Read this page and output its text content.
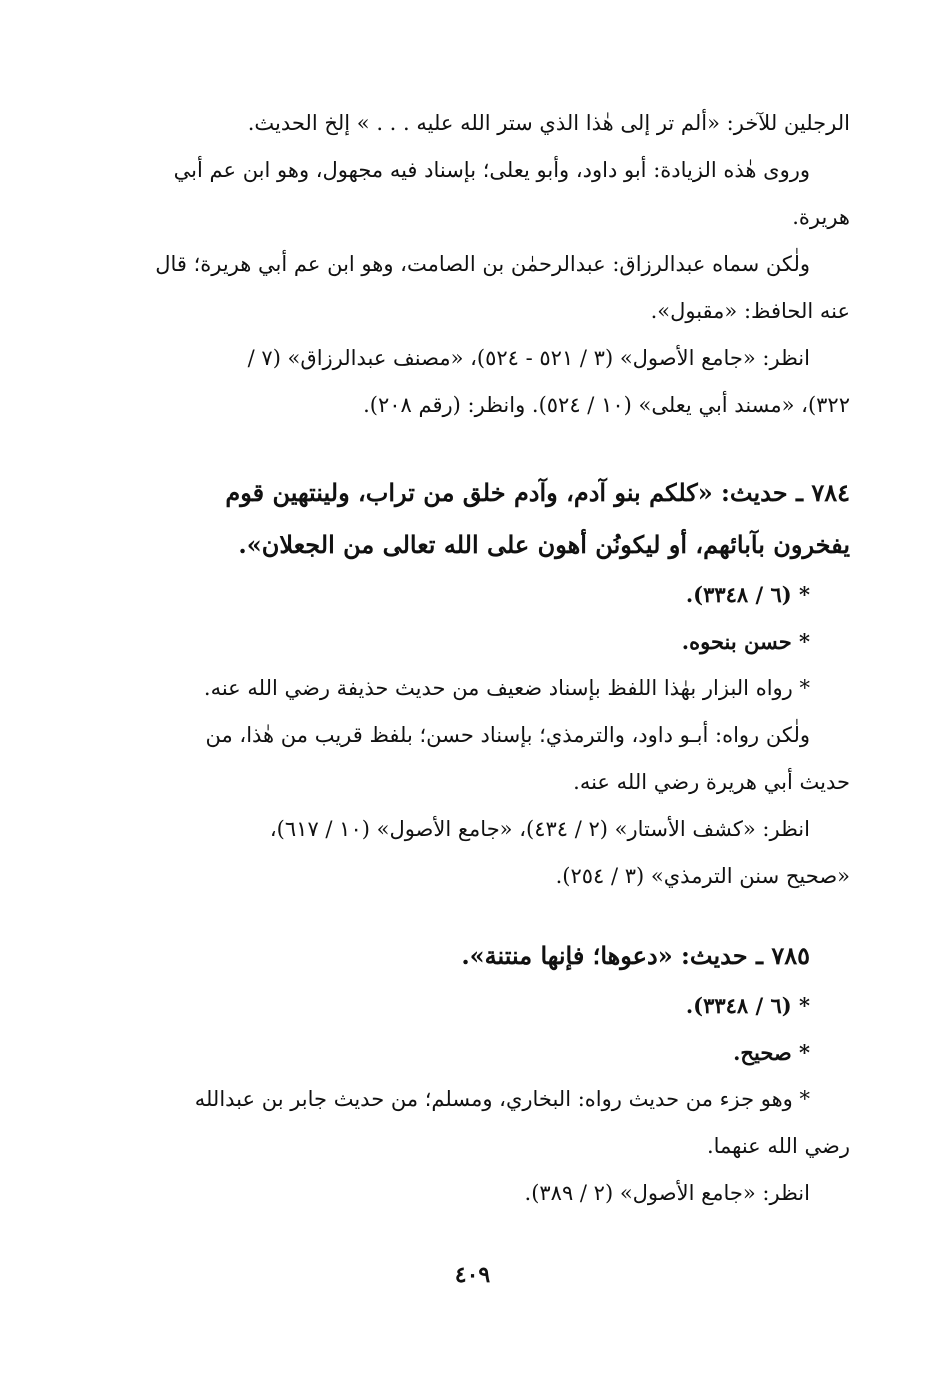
الرجلين للآخر: «ألم تر إلى هٰذا الذي ستر الله عليه . . . » إلخ الحديث.
وروى هٰذه الزيادة: أبو داود، وأبو يعلى؛ بإسناد فيه مجهول، وهو ابن عم أبي
هريرة.
ولٰكن سماه عبدالرزاق: عبدالرحمٰن بن الصامت، وهو ابن عم أبي هريرة؛ قال
عنه الحافظ: «مقبول».
انظر: «جامع الأصول» (٣ / ٥٢١ - ٥٢٤)، «مصنف عبدالرزاق» (٧ /
٣٢٢)، «مسند أبي يعلى» (١٠ / ٥٢٤). وانظر: (رقم ٢٠٨).
٧٨٤ ـ حديث: «كلكم بنو آدم، وآدم خلق من تراب، ولينتهين قوم
يفخرون بآبائهم، أو ليكونُن أهون على الله تعالى من الجعلان».
* (٦ / ٣٣٤٨).
* حسن بنحوه.
* رواه البزار بهٰذا اللفظ بإسناد ضعيف من حديث حذيفة رضي الله عنه.
ولٰكن رواه: أبـو داود، والترمذي؛ بإسناد حسن؛ بلفظ قريب من هٰذا، من
حديث أبي هريرة رضي الله عنه.
انظر: «كشف الأستار» (٢ / ٤٣٤)، «جامع الأصول» (١٠ / ٦١٧)،
«صحيح سنن الترمذي» (٣ / ٢٥٤).
٧٨٥ ـ حديث: «دعوها؛ فإنها منتنة».
* (٦ / ٣٣٤٨).
* صحيح.
* وهو جزء من حديث رواه: البخاري، ومسلم؛ من حديث جابر بن عبدالله
رضي الله عنهما.
انظر: «جامع الأصول» (٢ / ٣٨٩).
٤٠٩
